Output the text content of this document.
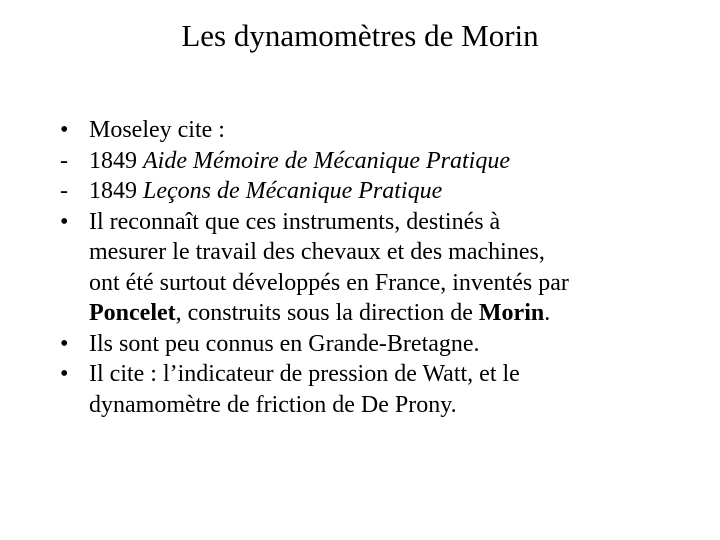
Les dynamomètres de Morin
• Moseley cite :
- 1849 Aide Mémoire de Mécanique Pratique
- 1849 Leçons de Mécanique Pratique
• Il reconnaît que ces instruments, destinés à
mesurer le travail des chevaux et des machines,
ont été surtout développés en France, inventés par
Poncelet, construits sous la direction de Morin.
• Ils sont peu connus en Grande-Bretagne.
• Il cite : l’indicateur de pression de Watt, et le
dynamomètre de friction de De Prony.
